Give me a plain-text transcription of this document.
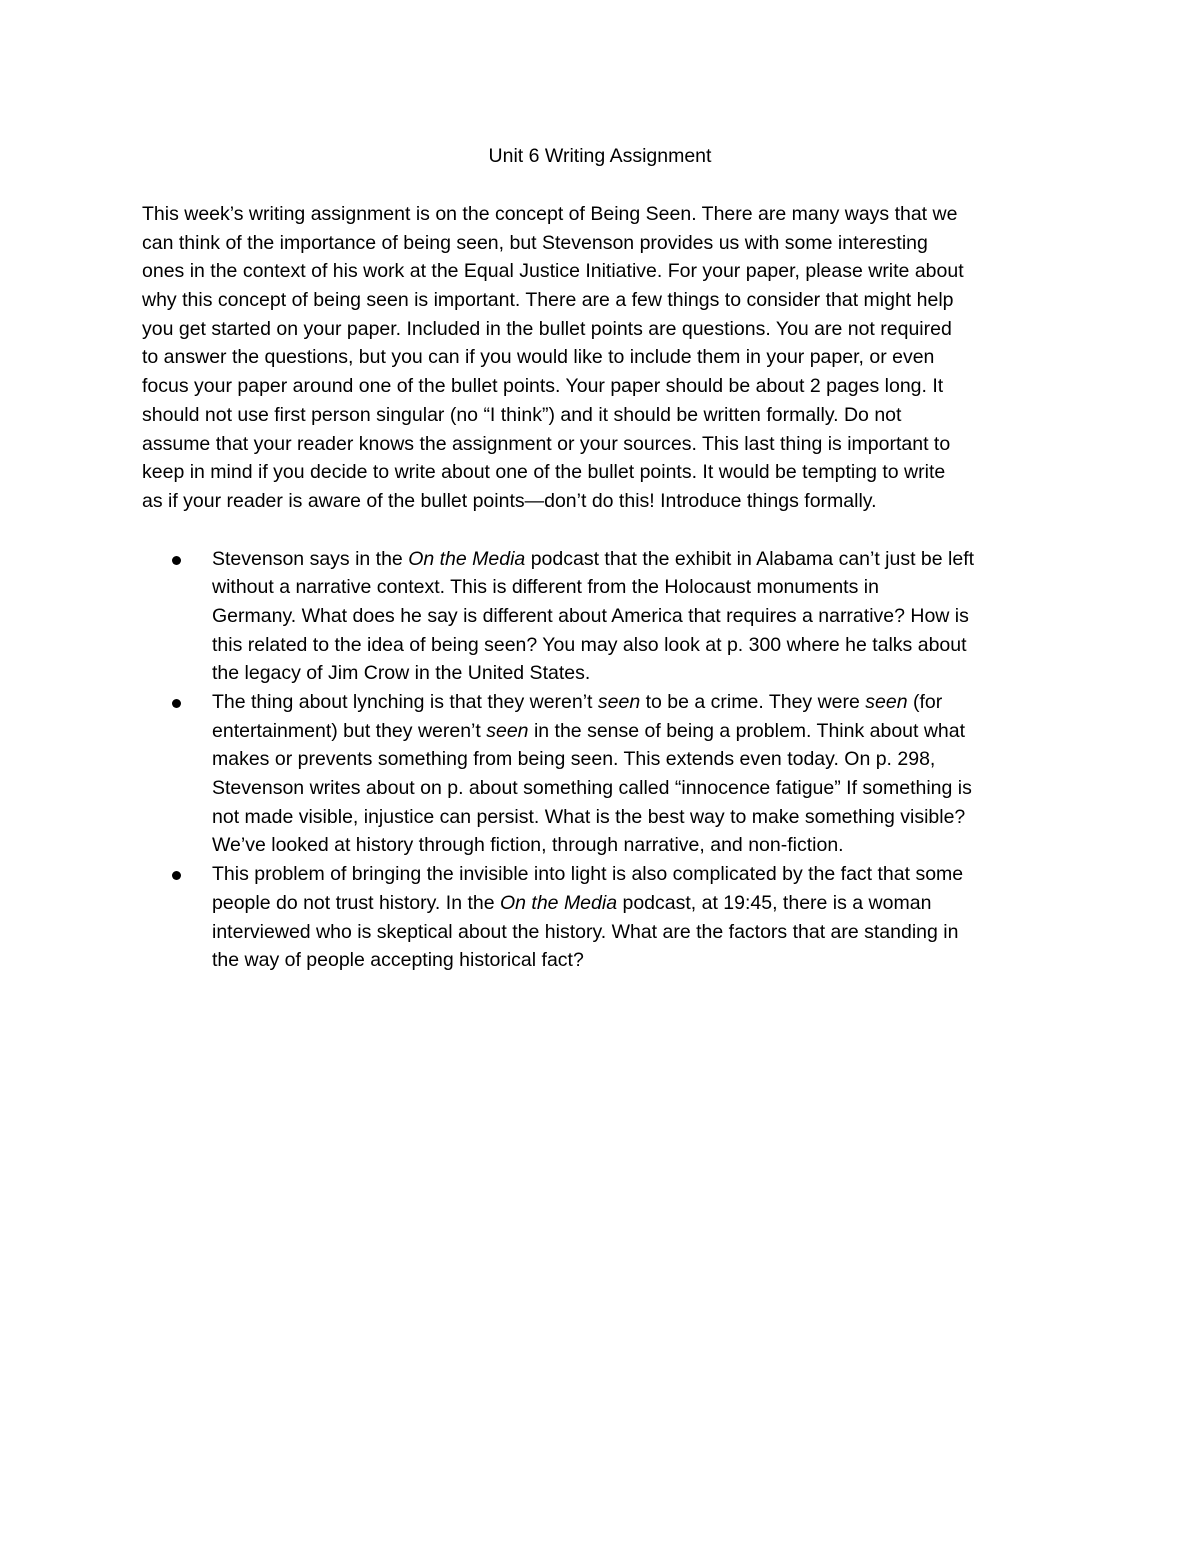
Unit 6 Writing Assignment

This week’s writing assignment is on the concept of Being Seen. There are many ways that we
can think of the importance of being seen, but Stevenson provides us with some interesting
ones in the context of his work at the Equal Justice Initiative. For your paper, please write about
why this concept of being seen is important. There are a few things to consider that might help
you get started on your paper. Included in the bullet points are questions. You are not required
to answer the questions, but you can if you would like to include them in your paper, or even
focus your paper around one of the bullet points. Your paper should be about 2 pages long. It
should not use first person singular (no “I think”) and it should be written formally. Do not
assume that your reader knows the assignment or your sources. This last thing is important to
keep in mind if you decide to write about one of the bullet points. It would be tempting to write
as if your reader is aware of the bullet points—don’t do this! Introduce things formally.

Stevenson says in the On the Media podcast that the exhibit in Alabama can’t just be left
without a narrative context. This is different from the Holocaust monuments in
Germany. What does he say is different about America that requires a narrative? How is
this related to the idea of being seen? You may also look at p. 300 where he talks about
the legacy of Jim Crow in the United States.
The thing about lynching is that they weren’t seen to be a crime. They were seen (for
entertainment) but they weren’t seen in the sense of being a problem. Think about what
makes or prevents something from being seen. This extends even today. On p. 298,
Stevenson writes about on p. about something called “innocence fatigue” If something is
not made visible, injustice can persist. What is the best way to make something visible?
We’ve looked at history through fiction, through narrative, and non-fiction.
This problem of bringing the invisible into light is also complicated by the fact that some
people do not trust history. In the On the Media podcast, at 19:45, there is a woman
interviewed who is skeptical about the history. What are the factors that are standing in
the way of people accepting historical fact?
